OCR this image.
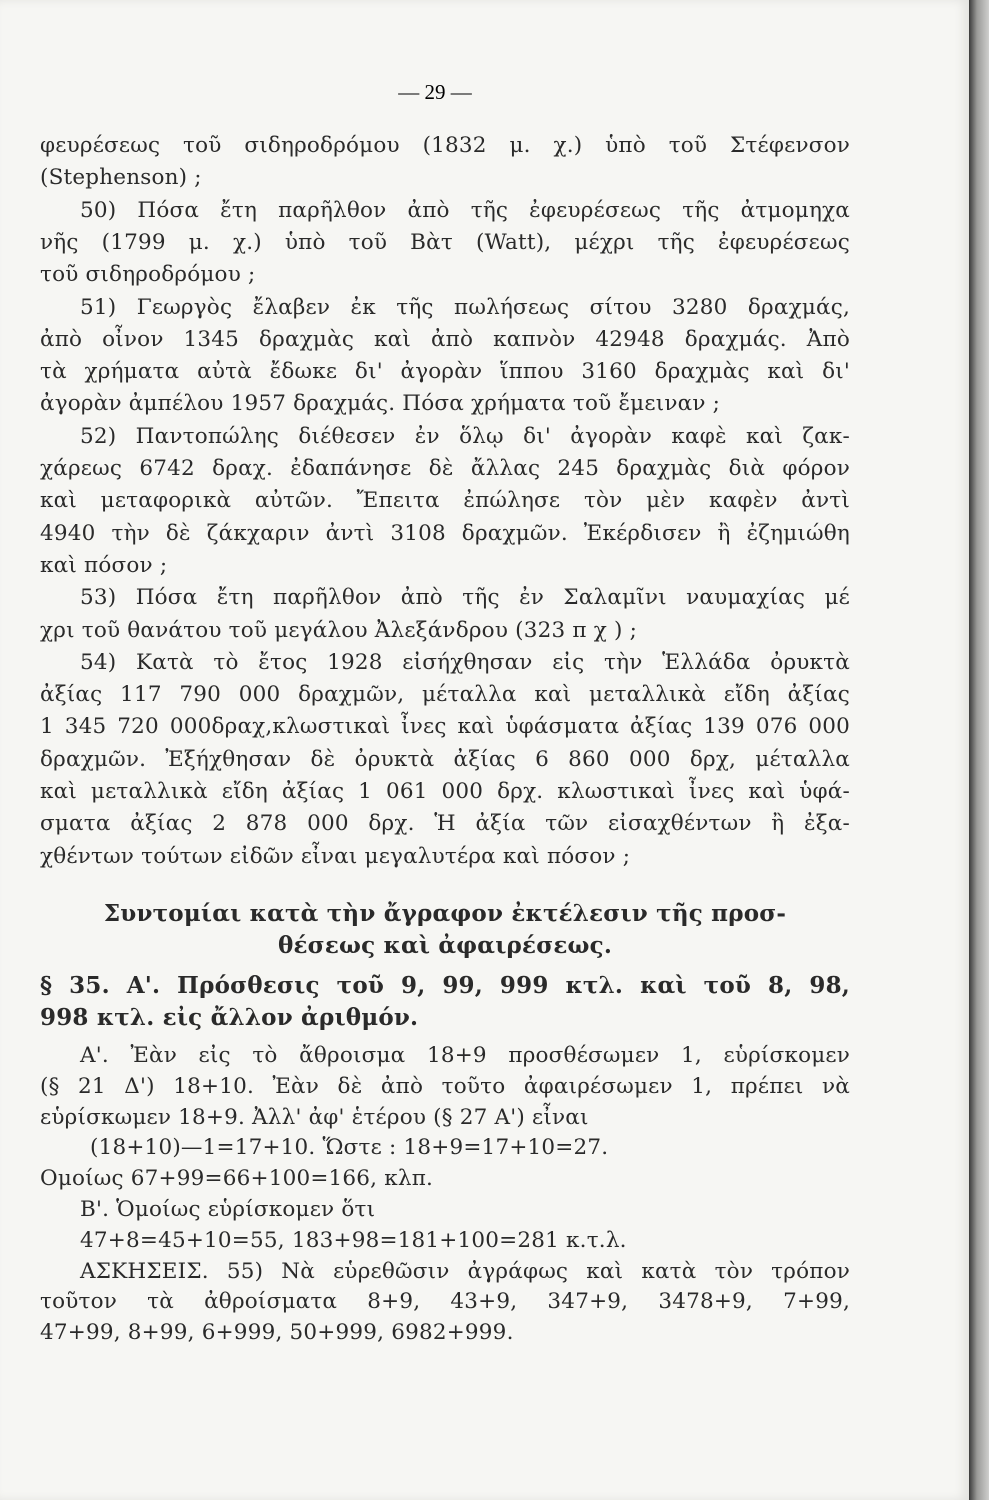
— 29 —
φευρέσεως τοῦ σιδηροδρόμου (1832 μ. χ.) ὑπὸ τοῦ Στέφενσον
(Stephenson) ;
50) Πόσα ἔτη παρῆλθον ἀπὸ τῆς ἐφευρέσεως τῆς ἀτμομηχα
νῆς (1799 μ. χ.) ὑπὸ τοῦ Βὰτ (Watt), μέχρι τῆς ἐφευρέσεως
τοῦ σιδηροδρόμου ;
51) Γεωργὸς ἔλαβεν ἐκ τῆς πωλήσεως σίτου 3280 δραχμάς,
ἀπὸ οἶνον 1345 δραχμὰς καὶ ἀπὸ καπνὸν 42948 δραχμάς. Ἀπὸ
τὰ χρήματα αὐτὰ ἔδωκε δι' ἀγορὰν ἵππου 3160 δραχμὰς καὶ δι'
ἀγορὰν ἀμπέλου 1957 δραχμάς. Πόσα χρήματα τοῦ ἔμειναν ;
52) Παντοπώλης διέθεσεν ἐν ὅλῳ δι' ἀγορὰν καφὲ καὶ ζακ-
χάρεως 6742 δραχ. ἐδαπάνησε δὲ ἄλλας 245 δραχμὰς διὰ φόρον
καὶ μεταφορικὰ αὐτῶν. Ἔπειτα ἐπώλησε τὸν μὲν καφὲν ἀντὶ
4940 τὴν δὲ ζάκχαριν ἀντὶ 3108 δραχμῶν. Ἐκέρδισεν ἢ ἐζημιώθη
καὶ πόσον ;
53) Πόσα ἔτη παρῆλθον ἀπὸ τῆς ἐν Σαλαμῖνι ναυμαχίας μέ
χρι τοῦ θανάτου τοῦ μεγάλου Ἀλεξάνδρου (323 π χ ) ;
54) Κατὰ τὸ ἔτος 1928 εἰσήχθησαν εἰς τὴν Ἑλλάδα ὀρυκτὰ
ἀξίας 117 790 000 δραχμῶν, μέταλλα καὶ μεταλλικὰ εἴδη ἀξίας
1 345 720 000δραχ,κλωστικαὶ ἶνες καὶ ὑφάσματα ἀξίας 139 076 000
δραχμῶν. Ἐξήχθησαν δὲ ὀρυκτὰ ἀξίας 6 860 000 δρχ, μέταλλα
καὶ μεταλλικὰ εἴδη ἀξίας 1 061 000 δρχ. κλωστικαὶ ἶνες καὶ ὑφά-
σματα ἀξίας 2 878 000 δρχ. Ἡ ἀξία τῶν εἰσαχθέντων ἢ ἐξα-
χθέντων τούτων εἰδῶν εἶναι μεγαλυτέρα καὶ πόσον ;
Συντομίαι κατὰ τὴν ἄγραφον ἐκτέλεσιν τῆς προσ-
θέσεως καὶ ἀφαιρέσεως.
§ 35. Α'. Πρόσθεσις τοῦ 9, 99, 999 κτλ. καὶ τοῦ 8, 98,
998 κτλ. εἰς ἄλλον ἀριθμόν.
Α'. Ἐὰν εἰς τὸ ἄθροισμα 18+9 προσθέσωμεν 1, εὑρίσκομεν
(§ 21 Δ') 18+10. Ἐὰν δὲ ἀπὸ τοῦτο ἀφαιρέσωμεν 1, πρέπει νὰ
εὑρίσκωμεν 18+9. Ἀλλ' ἀφ' ἑτέρου (§ 27 Α') εἶναι
(18+10)—1=17+10. Ὥστε : 18+9=17+10=27.
Ομοίως 67+99=66+100=166, κλπ.
Β'. Ὁμοίως εὑρίσκομεν ὅτι
47+8=45+10=55, 183+98=181+100=281 κ.τ.λ.
ΑΣΚΗΣΕΙΣ. 55) Νὰ εὑρεθῶσιν ἀγράφως καὶ κατὰ τὸν τρόπον
τοῦτον τὰ ἀθροίσματα 8+9, 43+9, 347+9, 3478+9, 7+99,
47+99, 8+99, 6+999, 50+999, 6982+999.
